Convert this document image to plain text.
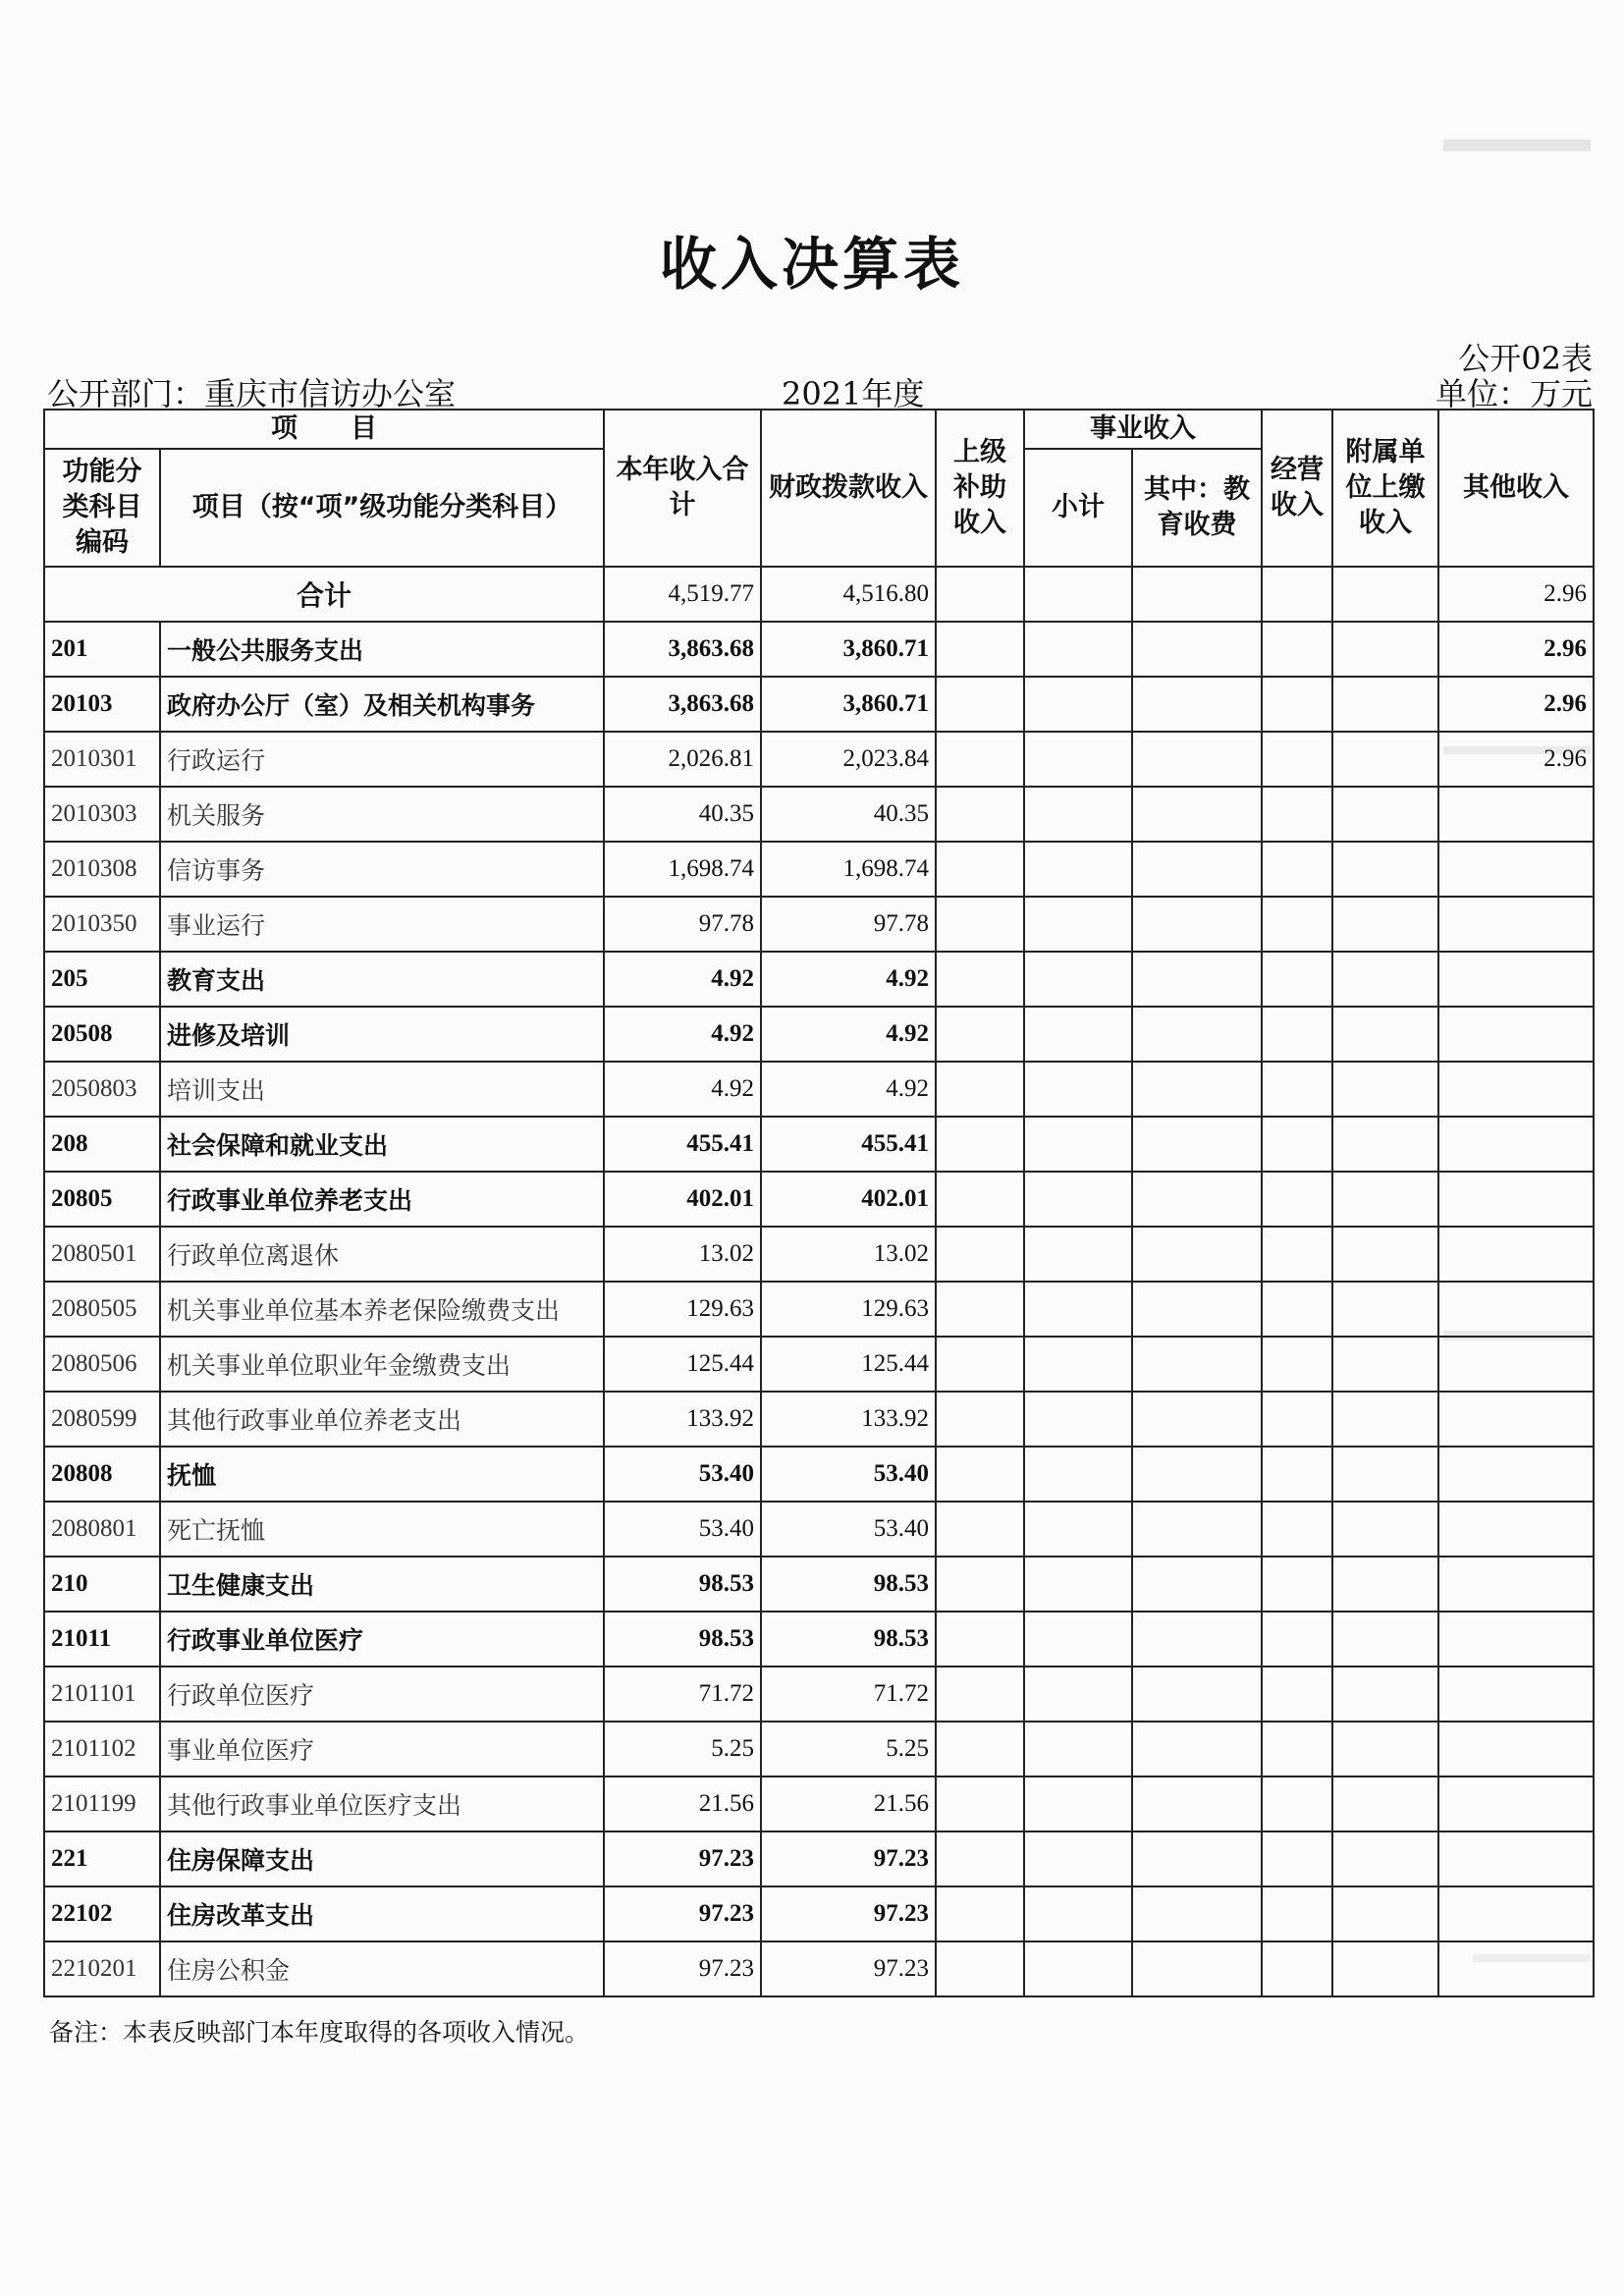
收入决算表
公开02表
公开部门：重庆市信访办公室	2021年度	单位：万元
项　　目		本年收入合计	财政拨款收入	上级补助收入	事业收入		经营收入	附属单位上缴收入	其他收入
功能分类科目编码	项目（按“项”级功能分类科目）				小计	其中：教育收费			

合计		4,519.77	4,516.80						2.96
201	一般公共服务支出	3,863.68	3,860.71						2.96
20103	政府办公厅（室）及相关机构事务	3,863.68	3,860.71						2.96
2010301	行政运行	2,026.81	2,023.84						2.96
2010303	机关服务	40.35	40.35						
2010308	信访事务	1,698.74	1,698.74						
2010350	事业运行	97.78	97.78						
205	教育支出	4.92	4.92						
20508	进修及培训	4.92	4.92						
2050803	培训支出	4.92	4.92						
208	社会保障和就业支出	455.41	455.41						
20805	行政事业单位养老支出	402.01	402.01						
2080501	行政单位离退休	13.02	13.02						
2080505	机关事业单位基本养老保险缴费支出	129.63	129.63						
2080506	机关事业单位职业年金缴费支出	125.44	125.44						
2080599	其他行政事业单位养老支出	133.92	133.92						
20808	抚恤	53.40	53.40						
2080801	死亡抚恤	53.40	53.40						
210	卫生健康支出	98.53	98.53						
21011	行政事业单位医疗	98.53	98.53						
2101101	行政单位医疗	71.72	71.72						
2101102	事业单位医疗	5.25	5.25						
2101199	其他行政事业单位医疗支出	21.56	21.56						
221	住房保障支出	97.23	97.23						
22102	住房改革支出	97.23	97.23						
2210201	住房公积金	97.23	97.23						
备注：本表反映部门本年度取得的各项收入情况。
